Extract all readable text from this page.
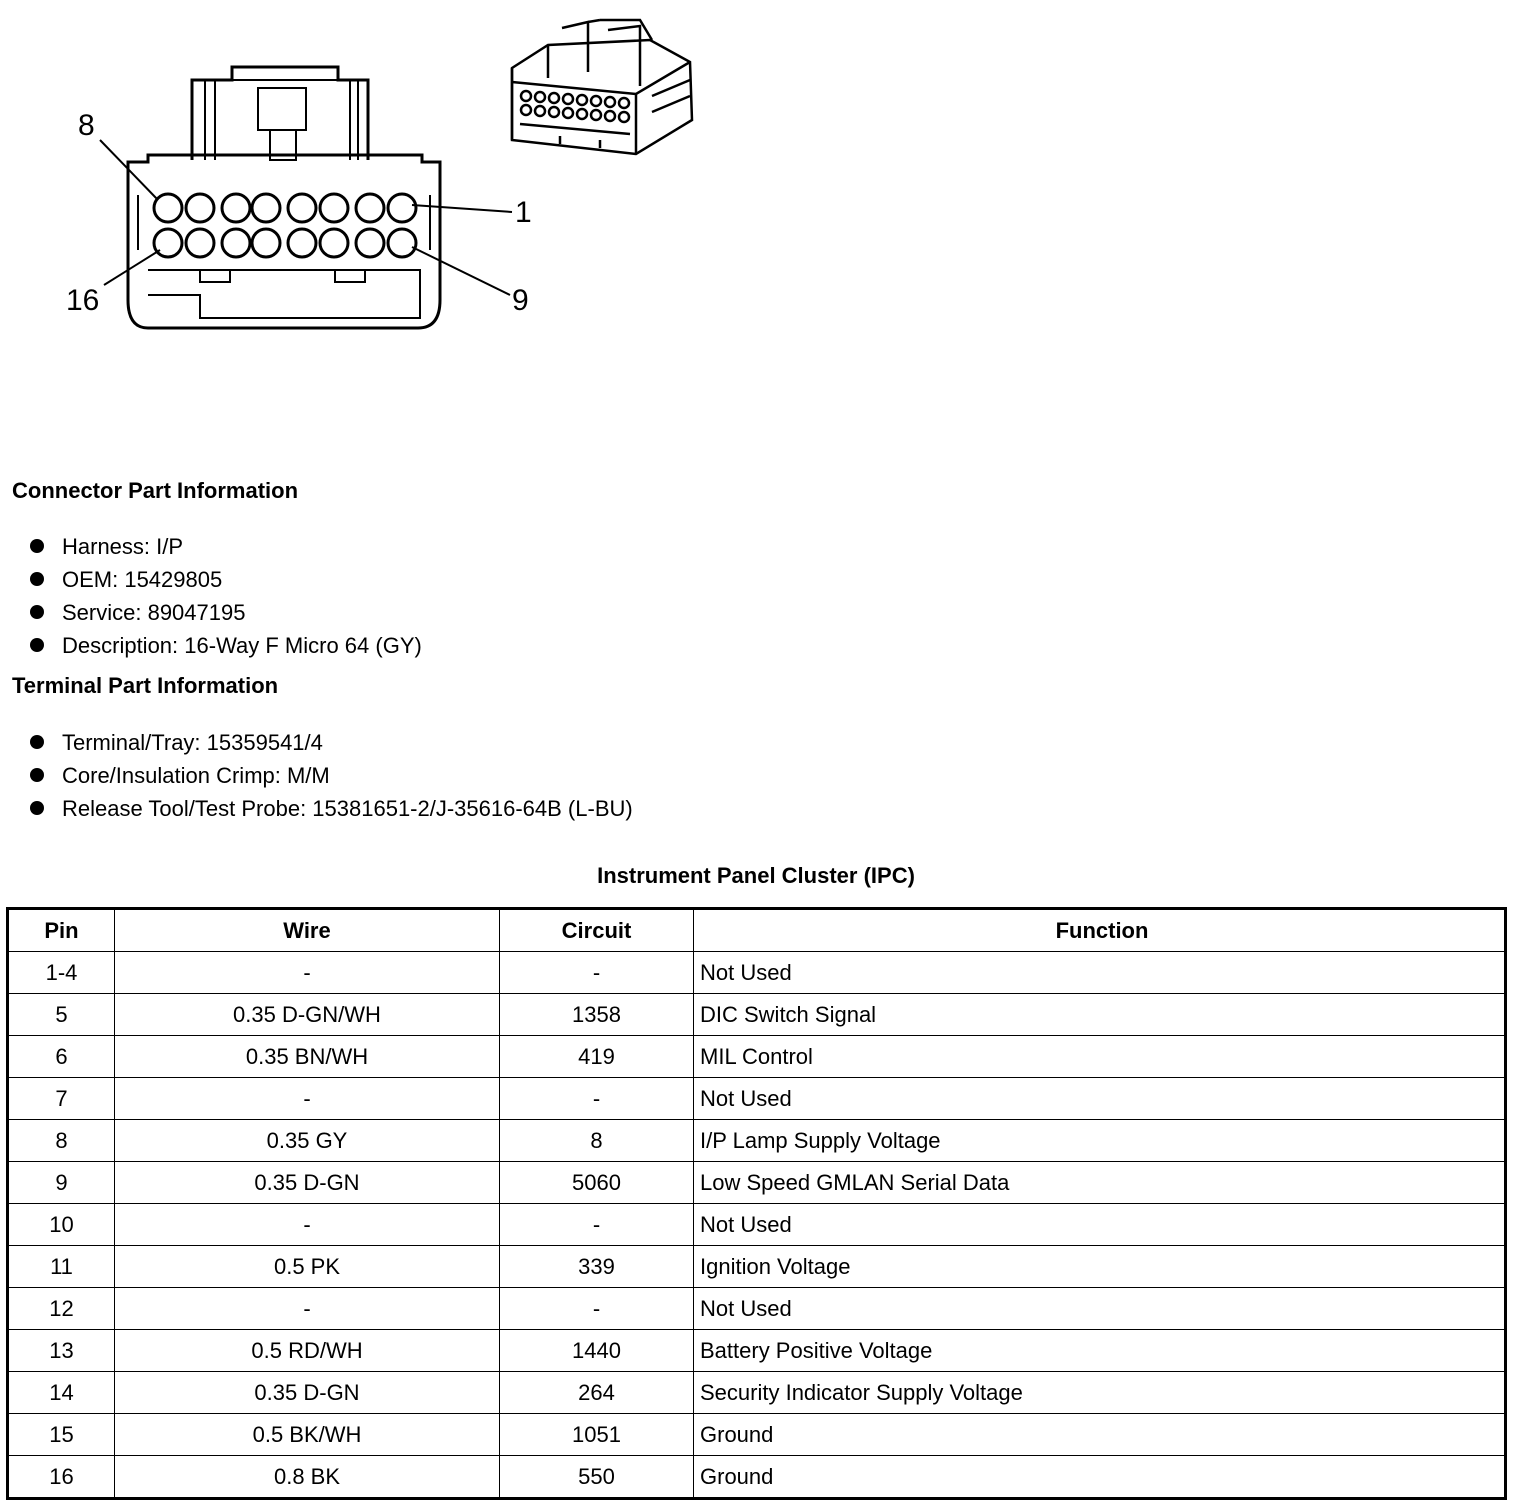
8
1
16	9
Connector Part Information
Harness: I/P
OEM: 15429805
Service: 89047195
Description: 16-Way F Micro 64 (GY)
Terminal Part Information
Terminal/Tray: 15359541/4
Core/Insulation Crimp: M/M
Release Tool/Test Probe: 15381651-2/J-35616-64B (L-BU)
Instrument Panel Cluster (IPC)
Pin	Wire	Circuit	Function
1-4	-	-	Not Used
5	0.35 D-GN/WH	1358	DIC Switch Signal
6	0.35 BN/WH	419	MIL Control
7	-	-	Not Used
8	0.35 GY	8	I/P Lamp Supply Voltage
9	0.35 D-GN	5060	Low Speed GMLAN Serial Data
10	-	-	Not Used
11	0.5 PK	339	Ignition Voltage
12	-	-	Not Used
13	0.5 RD/WH	1440	Battery Positive Voltage
14	0.35 D-GN	264	Security Indicator Supply Voltage
15	0.5 BK/WH	1051	Ground
16	0.8 BK	550	Ground
